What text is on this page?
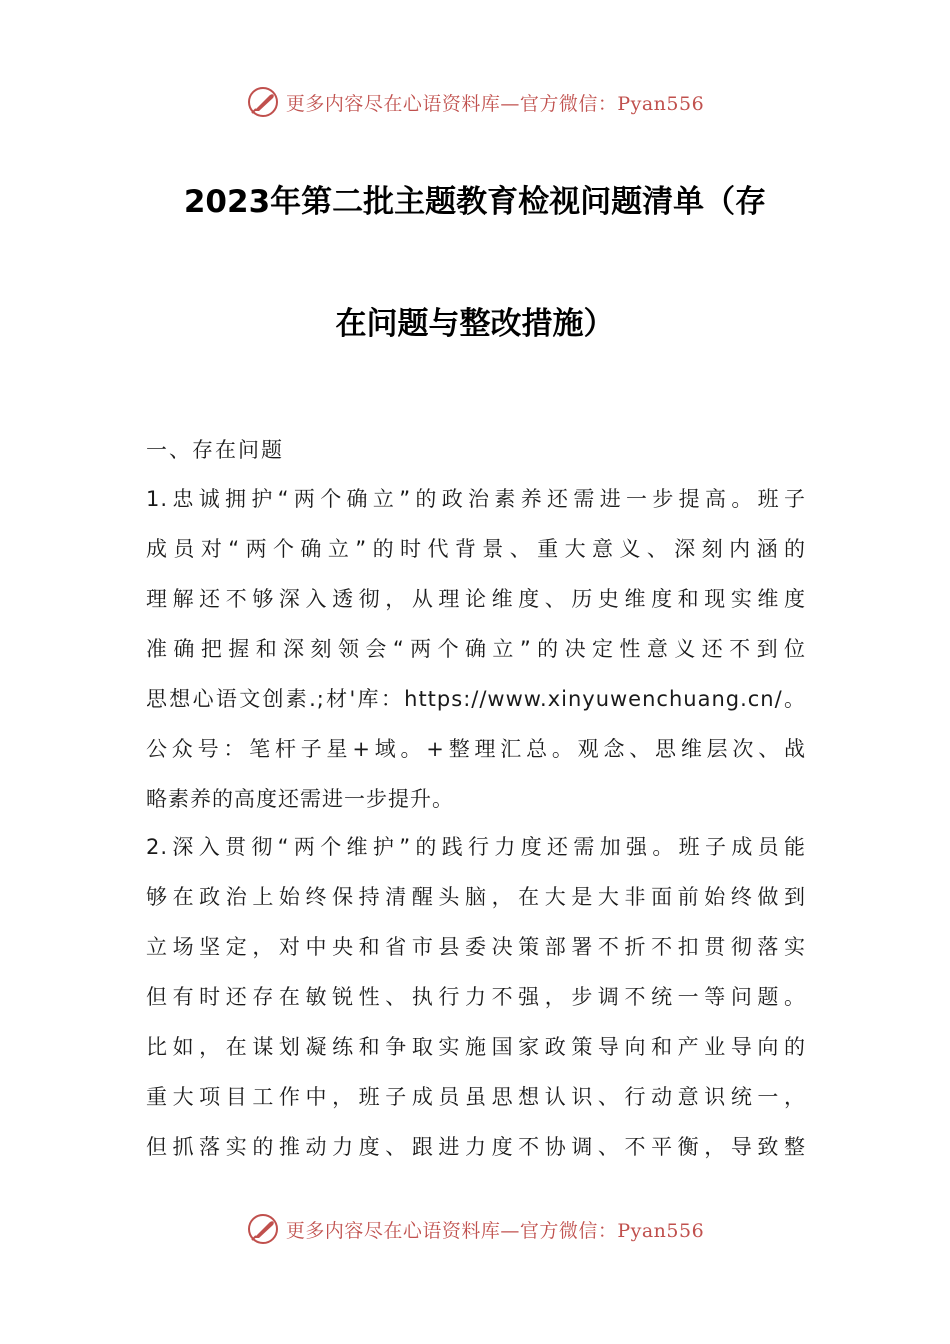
更多内容尽在心语资料库—官方微信：Pyan556
2023年第二批主题教育检视问题清单（存
在问题与整改措施）
一、存在问题
1.忠诚拥护“两个确立”的政治素养还需进一步提高。班子
成员对“两个确立”的时代背景、重大意义、深刻内涵的
理解还不够深入透彻，从理论维度、历史维度和现实维度
准确把握和深刻领会“两个确立”的决定性意义还不到位
思想心语文创素.;材'库：https://www.xinyuwenchuang.cn/。
公众号：笔杆子星+域。+整理汇总。观念、思维层次、战
略素养的高度还需进一步提升。
2.深入贯彻“两个维护”的践行力度还需加强。班子成员能
够在政治上始终保持清醒头脑，在大是大非面前始终做到
立场坚定，对中央和省市县委决策部署不折不扣贯彻落实
但有时还存在敏锐性、执行力不强，步调不统一等问题。
比如，在谋划凝练和争取实施国家政策导向和产业导向的
重大项目工作中，班子成员虽思想认识、行动意识统一，
但抓落实的推动力度、跟进力度不协调、不平衡，导致整
更多内容尽在心语资料库—官方微信：Pyan556
